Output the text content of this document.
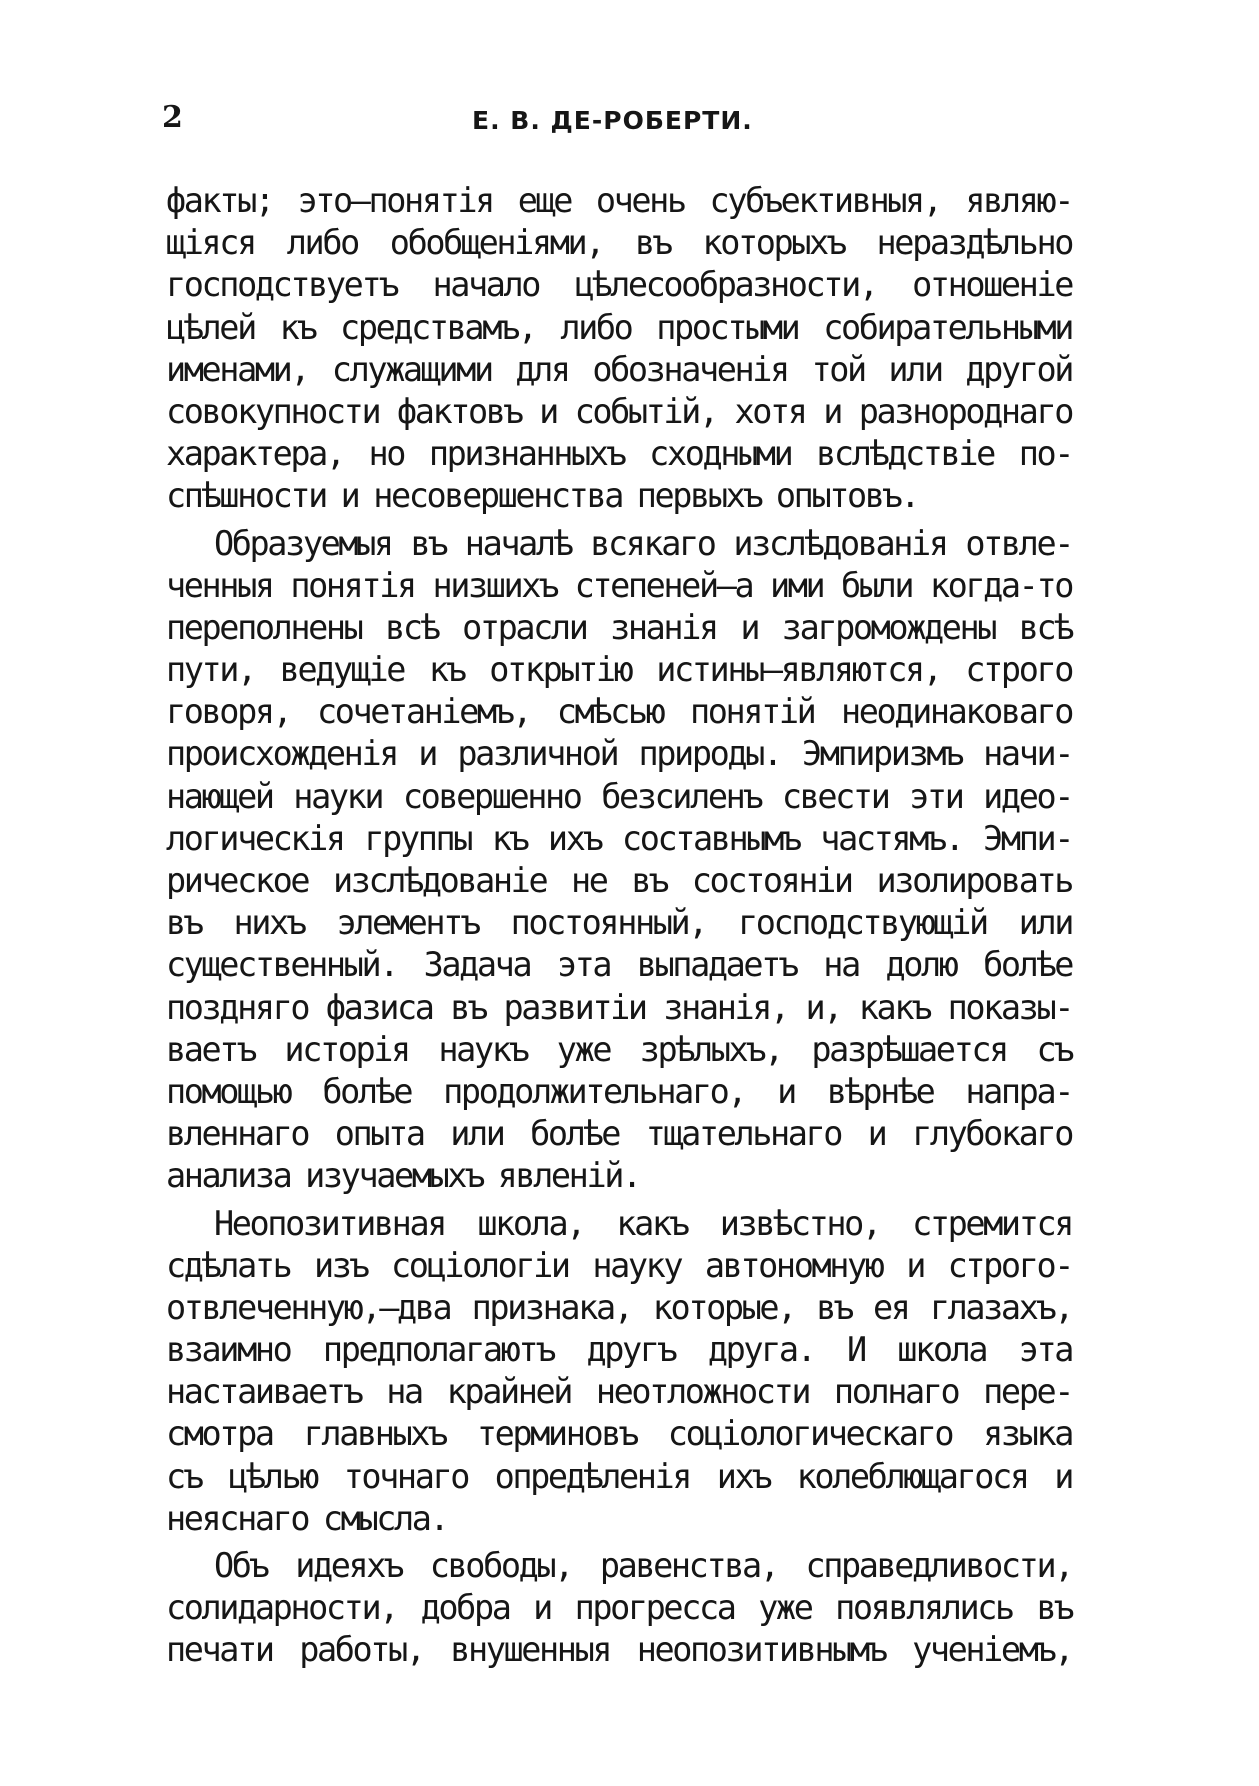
2	Е. В. ДЕ-РОБЕРТИ.
факты; это—понятія еще очень субъективныя, являю-
щіяся либо обобщеніями, въ которыхъ нераздѣльно
господствуетъ начало цѣлесообразности, отношеніе
цѣлей къ средствамъ, либо простыми собирательными
именами, служащими для обозначенія той или другой
совокупности фактовъ и событій, хотя и разнороднаго
характера, но признанныхъ сходными вслѣдствіе по-
спѣшности и несовершенства первыхъ опытовъ.
Образуемыя въ началѣ всякаго изслѣдованія отвле-
ченныя понятія низшихъ степеней—а ими были когда-то
переполнены всѣ отрасли знанія и загромождены всѣ
пути, ведущіе къ открытію истины—являются, строго
говоря, сочетаніемъ, смѣсью понятій неодинаковаго
происхожденія и различной природы. Эмпиризмъ начи-
нающей науки совершенно безсиленъ свести эти идео-
логическія группы къ ихъ составнымъ частямъ. Эмпи-
рическое изслѣдованіе не въ состояніи изолировать
въ нихъ элементъ постоянный, господствующій или
существенный. Задача эта выпадаетъ на долю болѣе
поздняго фазиса въ развитіи знанія, и, какъ показы-
ваетъ исторія наукъ уже зрѣлыхъ, разрѣшается съ
помощью болѣе продолжительнаго, и вѣрнѣе напра-
вленнаго опыта или болѣе тщательнаго и глубокаго
анализа изучаемыхъ явленій.
Неопозитивная школа, какъ извѣстно, стремится
сдѣлать изъ соціологіи науку автономную и строго-
отвлеченную,—два признака, которые, въ ея глазахъ,
взаимно предполагаютъ другъ друга. И школа эта
настаиваетъ на крайней неотложности полнаго пере-
смотра главныхъ терминовъ соціологическаго языка
съ цѣлью точнаго опредѣленія ихъ колеблющагося и
неяснаго смысла.
Объ идеяхъ свободы, равенства, справедливости,
солидарности, добра и прогресса уже появлялись въ
печати работы, внушенныя неопозитивнымъ ученіемъ,
